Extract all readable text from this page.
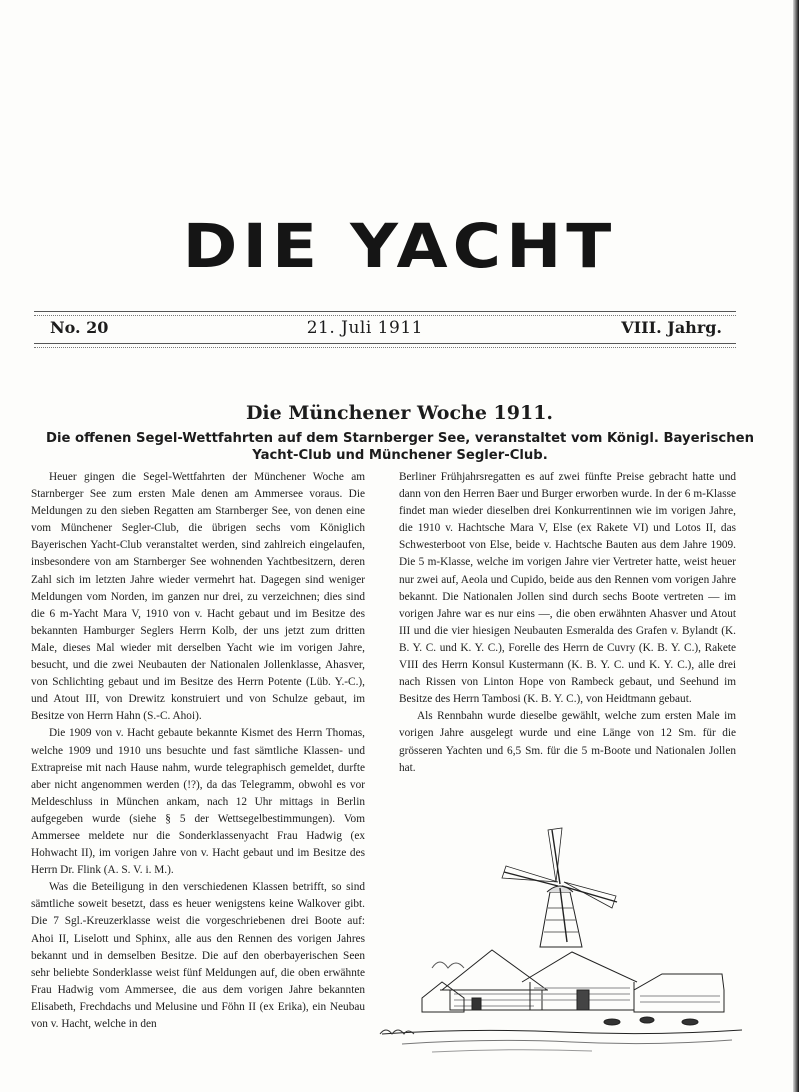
DIE YACHT
No. 20	21. Juli 1911	VIII. Jahrg.
Die Münchener Woche 1911.
Die offenen Segel-Wettfahrten auf dem Starnberger See, veranstaltet vom Königl. Bayerischen Yacht-Club und Münchener Segler-Club.

Heuer gingen die Segel-Wettfahrten der Münchener Woche am Starnberger See zum ersten Male denen am Ammersee voraus. Die Meldungen zu den sieben Regatten am Starnberger See, von denen eine vom Münchener Segler-Club, die übrigen sechs vom Königlich Bayerischen Yacht-Club veranstaltet werden, sind zahlreich eingelaufen, insbesondere von am Starnberger See wohnenden Yachtbesitzern, deren Zahl sich im letzten Jahre wieder vermehrt hat. Dagegen sind weniger Meldungen vom Norden, im ganzen nur drei, zu verzeichnen; dies sind die 6 m-Yacht Mara V, 1910 von v. Hacht gebaut und im Besitze des bekannten Hamburger Seglers Herrn Kolb, der uns jetzt zum dritten Male, dieses Mal wieder mit derselben Yacht wie im vorigen Jahre, besucht, und die zwei Neubauten der Nationalen Jollenklasse, Ahasver, von Schlichting gebaut und im Besitze des Herrn Potente (Lüb. Y.-C.), und Atout III, von Drewitz konstruiert und von Schulze gebaut, im Besitze von Herrn Hahn (S.-C. Ahoi).

Die 1909 von v. Hacht gebaute bekannte Kismet des Herrn Thomas, welche 1909 und 1910 uns besuchte und fast sämtliche Klassen- und Extrapreise mit nach Hause nahm, wurde telegraphisch gemeldet, durfte aber nicht angenommen werden (!?), da das Telegramm, obwohl es vor Meldeschluss in München ankam, nach 12 Uhr mittags in Berlin aufgegeben wurde (siehe § 5 der Wettsegelbestimmungen). Vom Ammersee meldete nur die Sonderklassenyacht Frau Hadwig (ex Hohwacht II), im vorigen Jahre von v. Hacht gebaut und im Besitze des Herrn Dr. Flink (A. S. V. i. M.).

Was die Beteiligung in den verschiedenen Klassen betrifft, so sind sämtliche soweit besetzt, dass es heuer wenigstens keine Walkover gibt. Die 7 Sgl.-Kreuzerklasse weist die vorgeschriebenen drei Boote auf: Ahoi II, Liselott und Sphinx, alle aus den Rennen des vorigen Jahres bekannt und in demselben Besitze. Die auf den oberbayerischen Seen sehr beliebte Sonderklasse weist fünf Meldungen auf, die oben erwähnte Frau Hadwig vom Ammersee, die aus dem vorigen Jahre bekannten Elisabeth, Frechdachs und Melusine und Föhn II (ex Erika), ein Neubau von v. Hacht, welche in den

Berliner Frühjahrsregatten es auf zwei fünfte Preise gebracht hatte und dann von den Herren Baer und Burger erworben wurde. In der 6 m-Klasse findet man wieder dieselben drei Konkurrentinnen wie im vorigen Jahre, die 1910 v. Hachtsche Mara V, Else (ex Rakete VI) und Lotos II, das Schwesterboot von Else, beide v. Hachtsche Bauten aus dem Jahre 1909. Die 5 m-Klasse, welche im vorigen Jahre vier Vertreter hatte, weist heuer nur zwei auf, Aeola und Cupido, beide aus den Rennen vom vorigen Jahre bekannt. Die Nationalen Jollen sind durch sechs Boote vertreten — im vorigen Jahre war es nur eins —, die oben erwähnten Ahasver und Atout III und die vier hiesigen Neubauten Esmeralda des Grafen v. Bylandt (K. B. Y. C. und K. Y. C.), Forelle des Herrn de Cuvry (K. B. Y. C.), Rakete VIII des Herrn Konsul Kustermann (K. B. Y. C. und K. Y. C.), alle drei nach Rissen von Linton Hope von Rambeck gebaut, und Seehund im Besitze des Herrn Tambosi (K. B. Y. C.), von Heidtmann gebaut.

Als Rennbahn wurde dieselbe gewählt, welche zum ersten Male im vorigen Jahre ausgelegt wurde und eine Länge von 12 Sm. für die grösseren Yachten und 6,5 Sm. für die 5 m-Boote und Nationalen Jollen hat.
